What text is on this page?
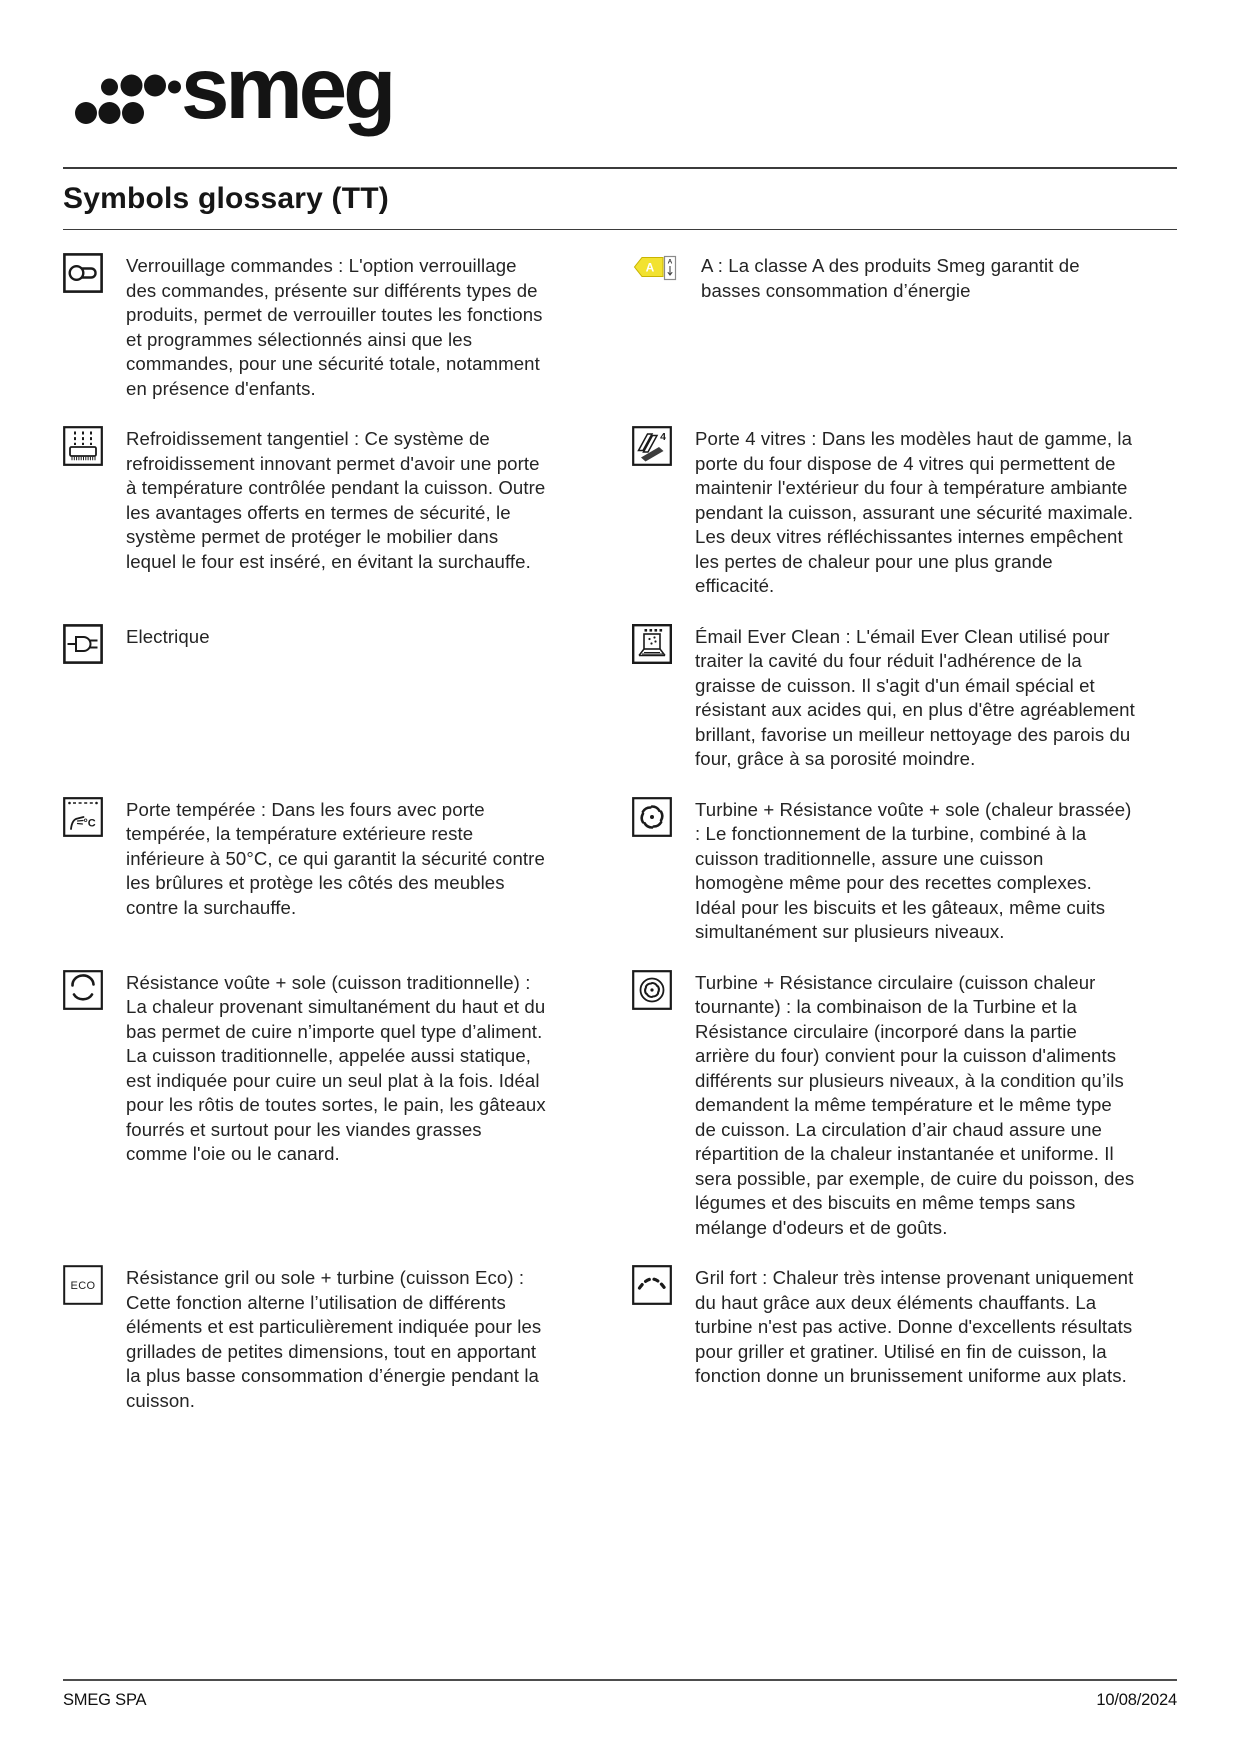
smeg
Symbols glossary (TT)
Verrouillage commandes : L'option verrouillage des commandes, présente sur différents types de produits, permet de verrouiller toutes les fonctions et programmes sélectionnés ainsi que les commandes, pour une sécurité totale, notamment en présence d'enfants.
A A A : La classe A des produits Smeg garantit de basses consommation d’énergie
Refroidissement tangentiel : Ce système de refroidissement innovant permet d'avoir une porte à température contrôlée pendant la cuisson. Outre les avantages offerts en termes de sécurité, le système permet de protéger le mobilier dans lequel le four est inséré, en évitant la surchauffe.
4 Porte 4 vitres : Dans les modèles haut de gamme, la porte du four dispose de 4 vitres qui permettent de maintenir l'extérieur du four à température ambiante pendant la cuisson, assurant une sécurité maximale. Les deux vitres réfléchissantes internes empêchent les pertes de chaleur pour une plus grande efficacité.
Electrique	Émail Ever Clean : L'émail Ever Clean utilisé pour traiter la cavité du four réduit l'adhérence de la graisse de cuisson. Il s'agit d'un émail spécial et résistant aux acides qui, en plus d'être agréablement brillant, favorise un meilleur nettoyage des parois du four, grâce à sa porosité moindre.
°C
Porte tempérée : Dans les fours avec porte tempérée, la température extérieure reste inférieure à 50°C, ce qui garantit la sécurité contre les brûlures et protège les côtés des meubles contre la surchauffe.
Turbine + Résistance voûte + sole (chaleur brassée) : Le fonctionnement de la turbine, combiné à la cuisson traditionnelle, assure une cuisson homogène même pour des recettes complexes. Idéal pour les biscuits et les gâteaux, même cuits simultanément sur plusieurs niveaux.
Résistance voûte + sole (cuisson traditionnelle) : La chaleur provenant simultanément du haut et du bas permet de cuire n’importe quel type d’aliment. La cuisson traditionnelle, appelée aussi statique, est indiquée pour cuire un seul plat à la fois. Idéal pour les rôtis de toutes sortes, le pain, les gâteaux fourrés et surtout pour les viandes grasses comme l'oie ou le canard.
Turbine + Résistance circulaire (cuisson chaleur tournante) : la combinaison de la Turbine et la Résistance circulaire (incorporé dans la partie arrière du four) convient pour la cuisson d'aliments différents sur plusieurs niveaux, à la condition qu’ils demandent la même température et le même type de cuisson. La circulation d’air chaud assure une répartition de la chaleur instantanée et uniforme. Il sera possible, par exemple, de cuire du poisson, des légumes et des biscuits en même temps sans mélange d'odeurs et de goûts.
ECO Résistance gril ou sole + turbine (cuisson Eco) : Cette fonction alterne l’utilisation de différents éléments et est particulièrement indiquée pour les grillades de petites dimensions, tout en apportant la plus basse consommation d’énergie pendant la cuisson.
Gril fort : Chaleur très intense provenant uniquement du haut grâce aux deux éléments chauffants. La turbine n'est pas active. Donne d'excellents résultats pour griller et gratiner. Utilisé en fin de cuisson, la fonction donne un brunissement uniforme aux plats.
SMEG SPA	10/08/2024
